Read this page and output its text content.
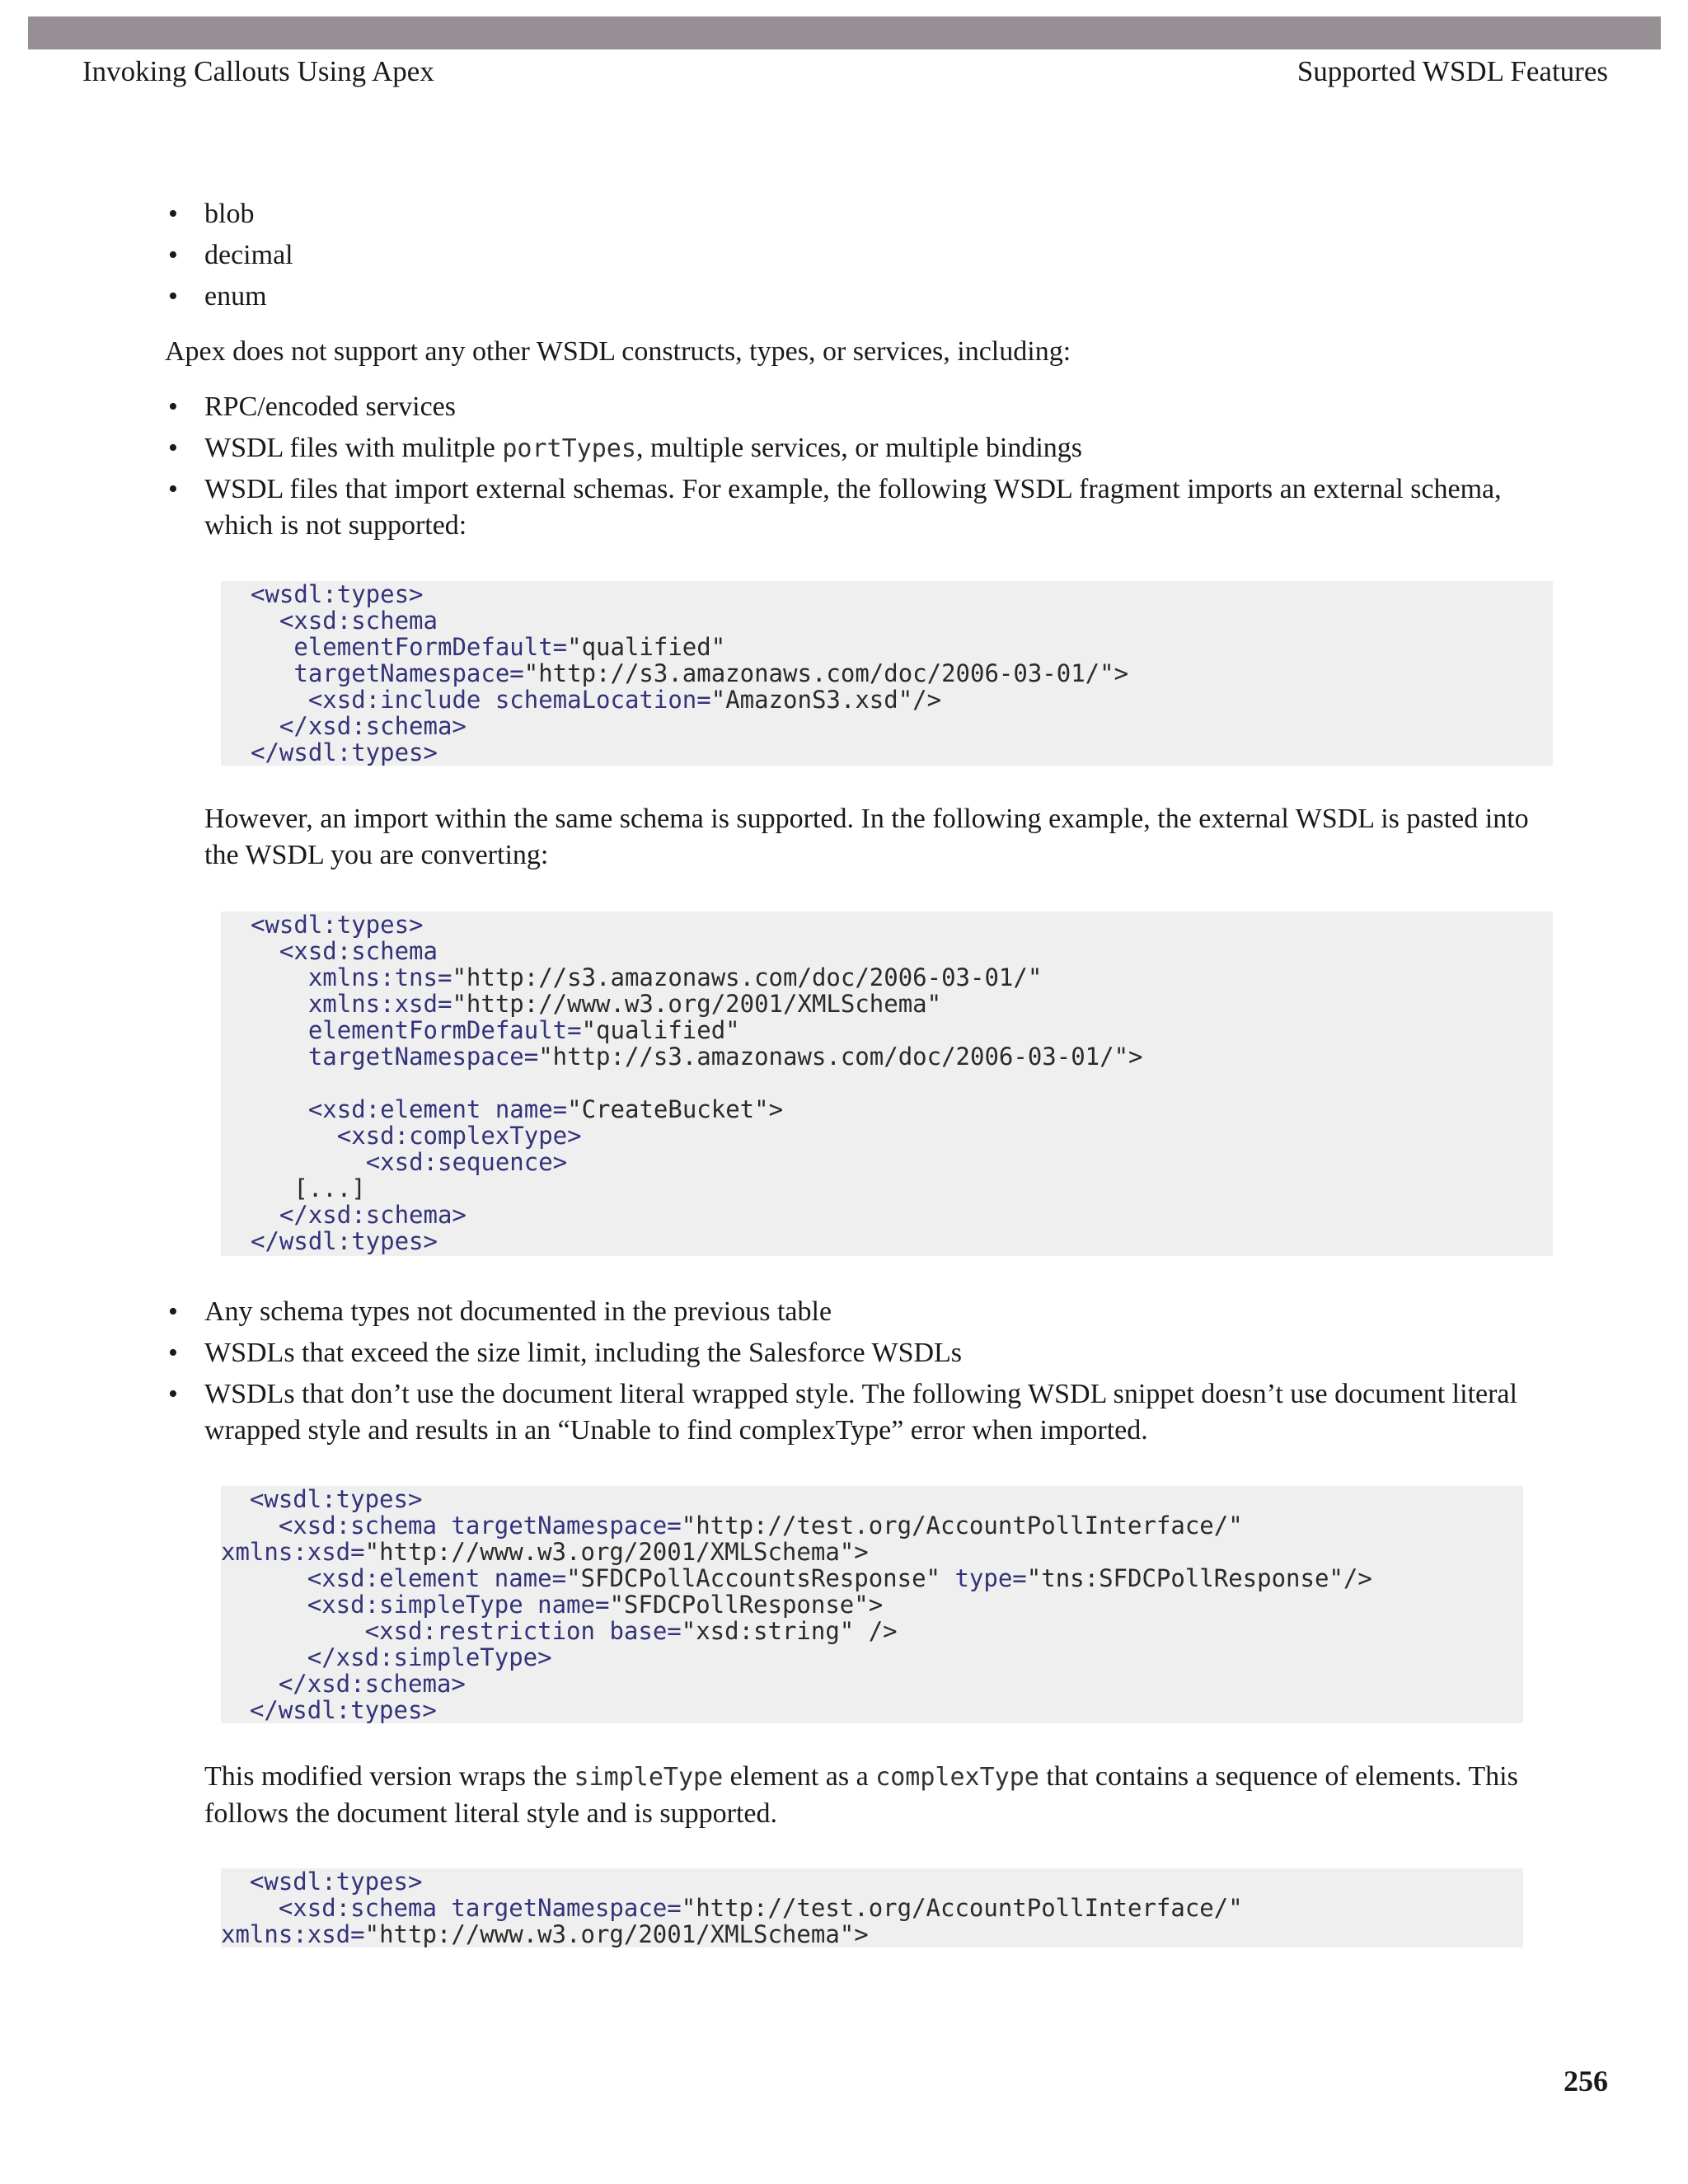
Invoking Callouts Using Apex	Supported WSDL Features
• blob
• decimal
• enum
Apex does not support any other WSDL constructs, types, or services, including:
• RPC/encoded services
• WSDL files with mulitple portTypes, multiple services, or multiple bindings
• WSDL files that import external schemas. For example, the following WSDL fragment imports an external schema, which is not supported:
<wsdl:types>
<xsd:schema
elementFormDefault="qualified"
targetNamespace="http://s3.amazonaws.com/doc/2006-03-01/">
<xsd:include schemaLocation="AmazonS3.xsd"/>
</xsd:schema>
</wsdl:types>
However, an import within the same schema is supported. In the following example, the external WSDL is pasted into the WSDL you are converting:
<wsdl:types>
<xsd:schema
xmlns:tns="http://s3.amazonaws.com/doc/2006-03-01/"
xmlns:xsd="http://www.w3.org/2001/XMLSchema"
elementFormDefault="qualified"
targetNamespace="http://s3.amazonaws.com/doc/2006-03-01/">

<xsd:element name="CreateBucket">
<xsd:complexType>
<xsd:sequence>
[...]
</xsd:schema>
</wsdl:types>
• Any schema types not documented in the previous table
• WSDLs that exceed the size limit, including the Salesforce WSDLs
• WSDLs that don’t use the document literal wrapped style. The following WSDL snippet doesn’t use document literal wrapped style and results in an “Unable to find complexType” error when imported.
<wsdl:types>
<xsd:schema targetNamespace="http://test.org/AccountPollInterface/"
xmlns:xsd="http://www.w3.org/2001/XMLSchema">
<xsd:element name="SFDCPollAccountsResponse" type="tns:SFDCPollResponse"/>
<xsd:simpleType name="SFDCPollResponse">
<xsd:restriction base="xsd:string" />
</xsd:simpleType>
</xsd:schema>
</wsdl:types>
This modified version wraps the simpleType element as a complexType that contains a sequence of elements. This follows the document literal style and is supported.
<wsdl:types>
<xsd:schema targetNamespace="http://test.org/AccountPollInterface/"
xmlns:xsd="http://www.w3.org/2001/XMLSchema">
256
